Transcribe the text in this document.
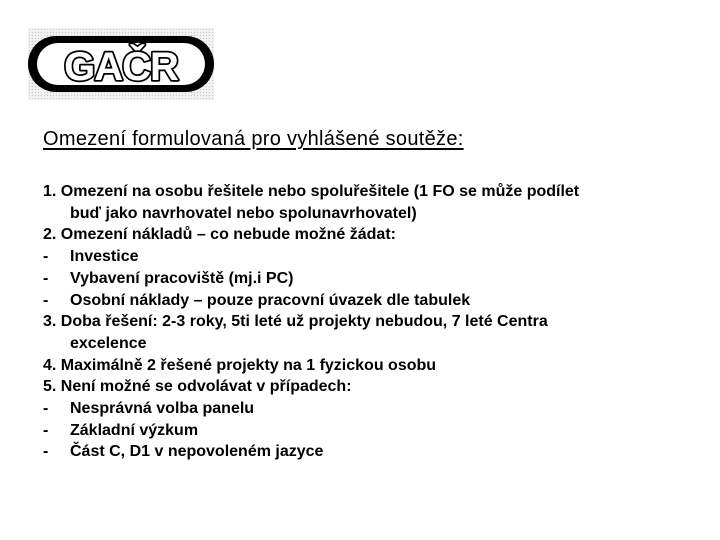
GAČR
Omezení formulovaná pro vyhlášené soutěže:
1. Omezení na osobu řešitele nebo spoluřešitele (1 FO se může podílet
buď jako navrhovatel nebo spolunavrhovatel)
2. Omezení nákladů – co nebude možné žádat:
- Investice
- Vybavení pracoviště (mj.i PC)
- Osobní náklady – pouze pracovní úvazek dle tabulek
3. Doba řešení: 2-3 roky, 5ti leté už projekty nebudou, 7 leté Centra
excelence
4. Maximálně 2 řešené projekty na 1 fyzickou osobu
5. Není možné se odvolávat v případech:
- Nesprávná volba panelu
- Základní výzkum
- Část C, D1 v nepovoleném jazyce
